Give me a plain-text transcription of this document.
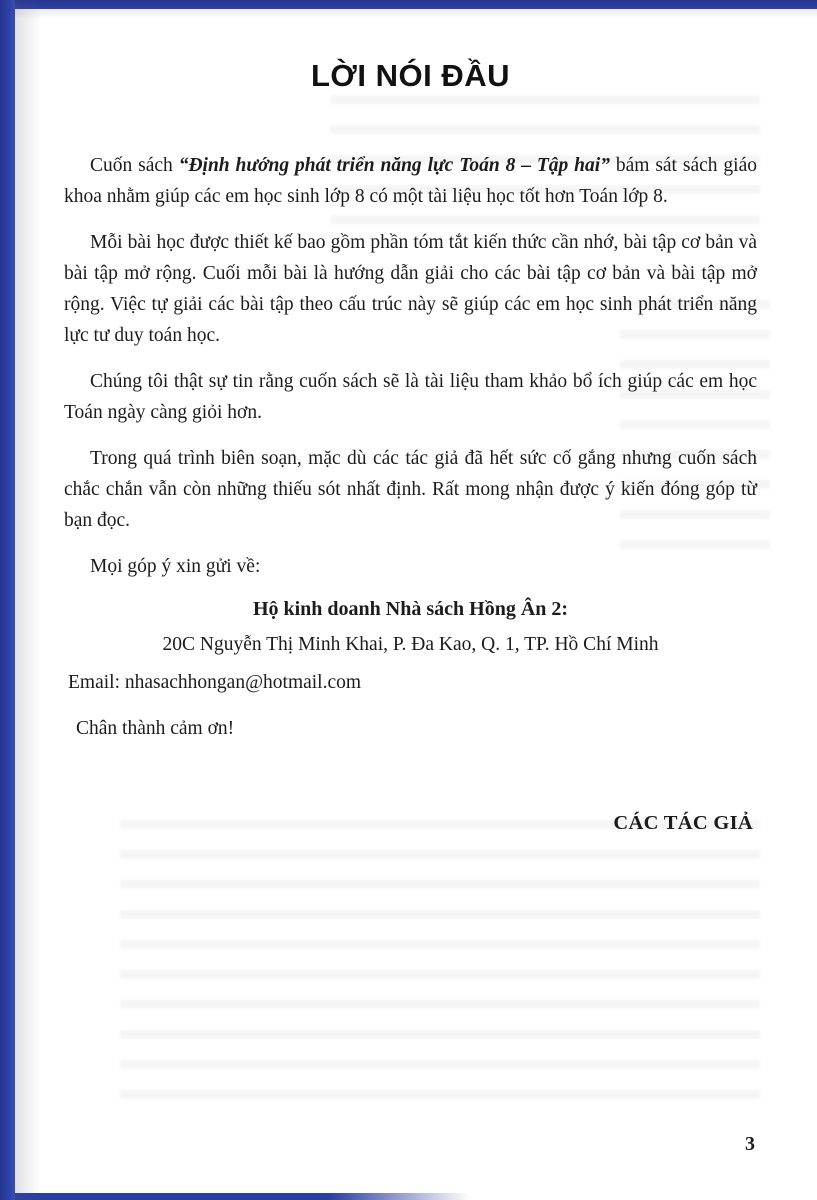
LỜI NÓI ĐẦU

Cuốn sách “Định hướng phát triển năng lực Toán 8 – Tập hai” bám sát sách giáo khoa nhằm giúp các em học sinh lớp 8 có một tài liệu học tốt hơn Toán lớp 8.

Mỗi bài học được thiết kế bao gồm phần tóm tắt kiến thức cần nhớ, bài tập cơ bản và bài tập mở rộng. Cuối mỗi bài là hướng dẫn giải cho các bài tập cơ bản và bài tập mở rộng. Việc tự giải các bài tập theo cấu trúc này sẽ giúp các em học sinh phát triển năng lực tư duy toán học.

Chúng tôi thật sự tin rằng cuốn sách sẽ là tài liệu tham khảo bổ ích giúp các em học Toán ngày càng giỏi hơn.

Trong quá trình biên soạn, mặc dù các tác giả đã hết sức cố gắng nhưng cuốn sách chắc chắn vẫn còn những thiếu sót nhất định. Rất mong nhận được ý kiến đóng góp từ bạn đọc.

Mọi góp ý xin gửi về:

Hộ kinh doanh Nhà sách Hồng Ân 2:

20C Nguyễn Thị Minh Khai, P. Đa Kao, Q. 1, TP. Hồ Chí Minh

Email: nhasachhongan@hotmail.com

Chân thành cảm ơn!

CÁC TÁC GIẢ

3
